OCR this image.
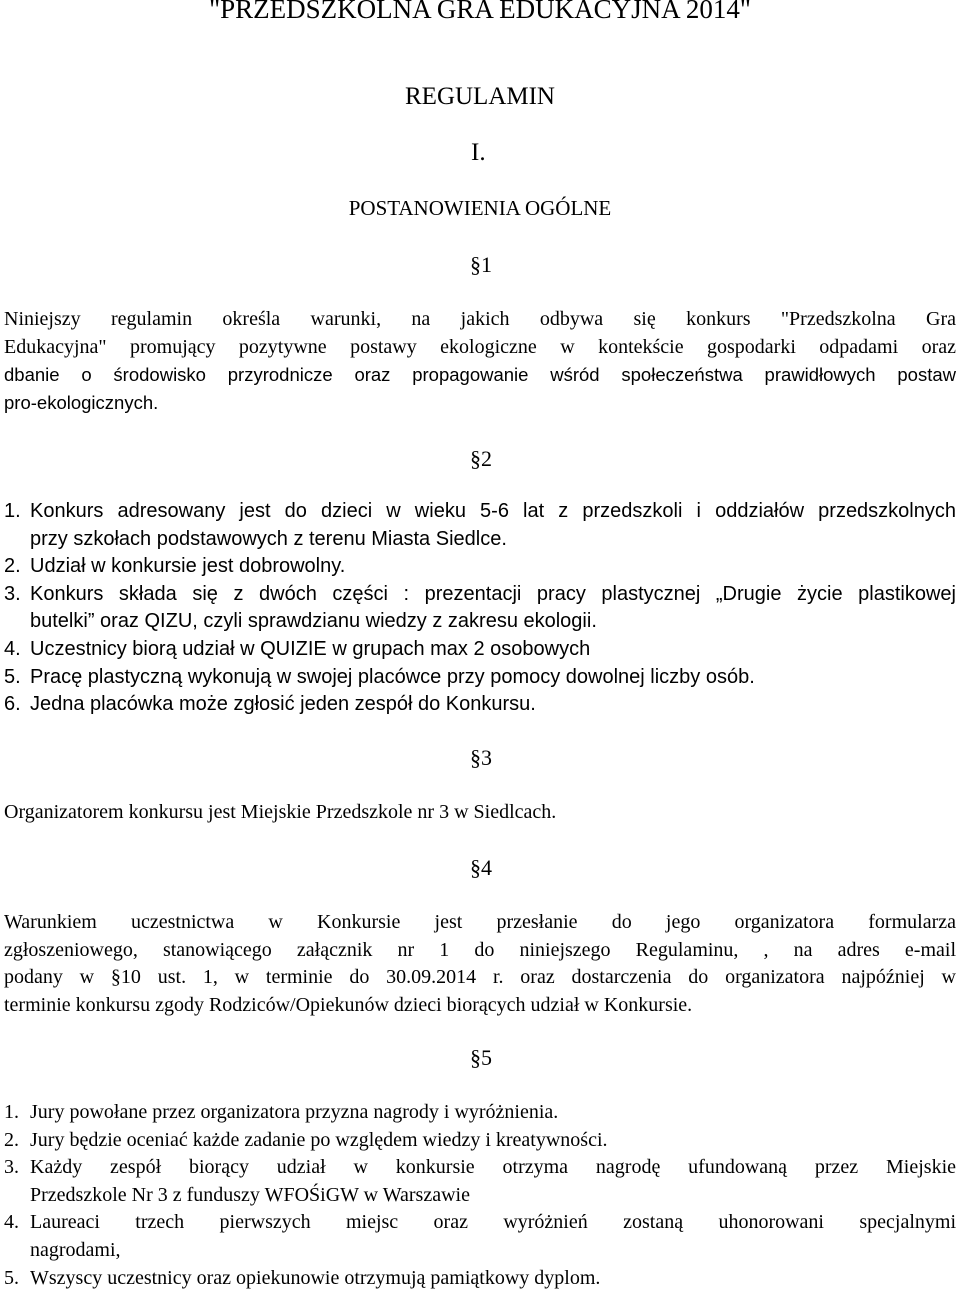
"PRZEDSZKOLNA GRA EDUKACYJNA 2014"
REGULAMIN
I.
POSTANOWIENIA OGÓLNE
§1
Niniejszy regulamin określa warunki, na jakich odbywa się konkurs "Przedszkolna Gra
Edukacyjna" promujący pozytywne postawy ekologiczne w kontekście gospodarki odpadami oraz
dbanie o środowisko przyrodnicze oraz propagowanie wśród społeczeństwa prawidłowych postaw
pro-ekologicznych.
§2
1. Konkurs adresowany jest do dzieci w wieku 5-6 lat z przedszkoli i oddziałów przedszkolnych
przy szkołach podstawowych z terenu Miasta Siedlce.
2. Udział w konkursie jest dobrowolny.
3. Konkurs składa się z dwóch części : prezentacji pracy plastycznej „Drugie życie plastikowej
butelki” oraz QIZU, czyli sprawdzianu wiedzy z zakresu ekologii.
4. Uczestnicy biorą udział w QUIZIE w grupach max 2 osobowych
5. Pracę plastyczną wykonują w swojej placówce przy pomocy dowolnej liczby osób.
6. Jedna placówka może zgłosić jeden zespół do Konkursu.
§3
Organizatorem konkursu jest Miejskie Przedszkole nr 3 w Siedlcach.
§4
Warunkiem uczestnictwa w Konkursie jest przesłanie do jego organizatora formularza
zgłoszeniowego, stanowiącego załącznik nr 1 do niniejszego Regulaminu, , na adres e-mail
podany w §10 ust. 1, w terminie do 30.09.2014 r. oraz dostarczenia do organizatora najpóźniej w
terminie konkursu zgody Rodziców/Opiekunów dzieci biorących udział w Konkursie.
§5
1. Jury powołane przez organizatora przyzna nagrody i wyróżnienia.
2. Jury będzie oceniać każde zadanie po względem wiedzy i kreatywności.
3. Każdy zespół biorący udział w konkursie otrzyma nagrodę ufundowaną przez Miejskie
Przedszkole Nr 3 z funduszy WFOŚiGW w Warszawie
4. Laureaci trzech pierwszych miejsc oraz wyróżnień zostaną uhonorowani specjalnymi
nagrodami,
5. Wszyscy uczestnicy oraz opiekunowie otrzymują pamiątkowy dyplom.
